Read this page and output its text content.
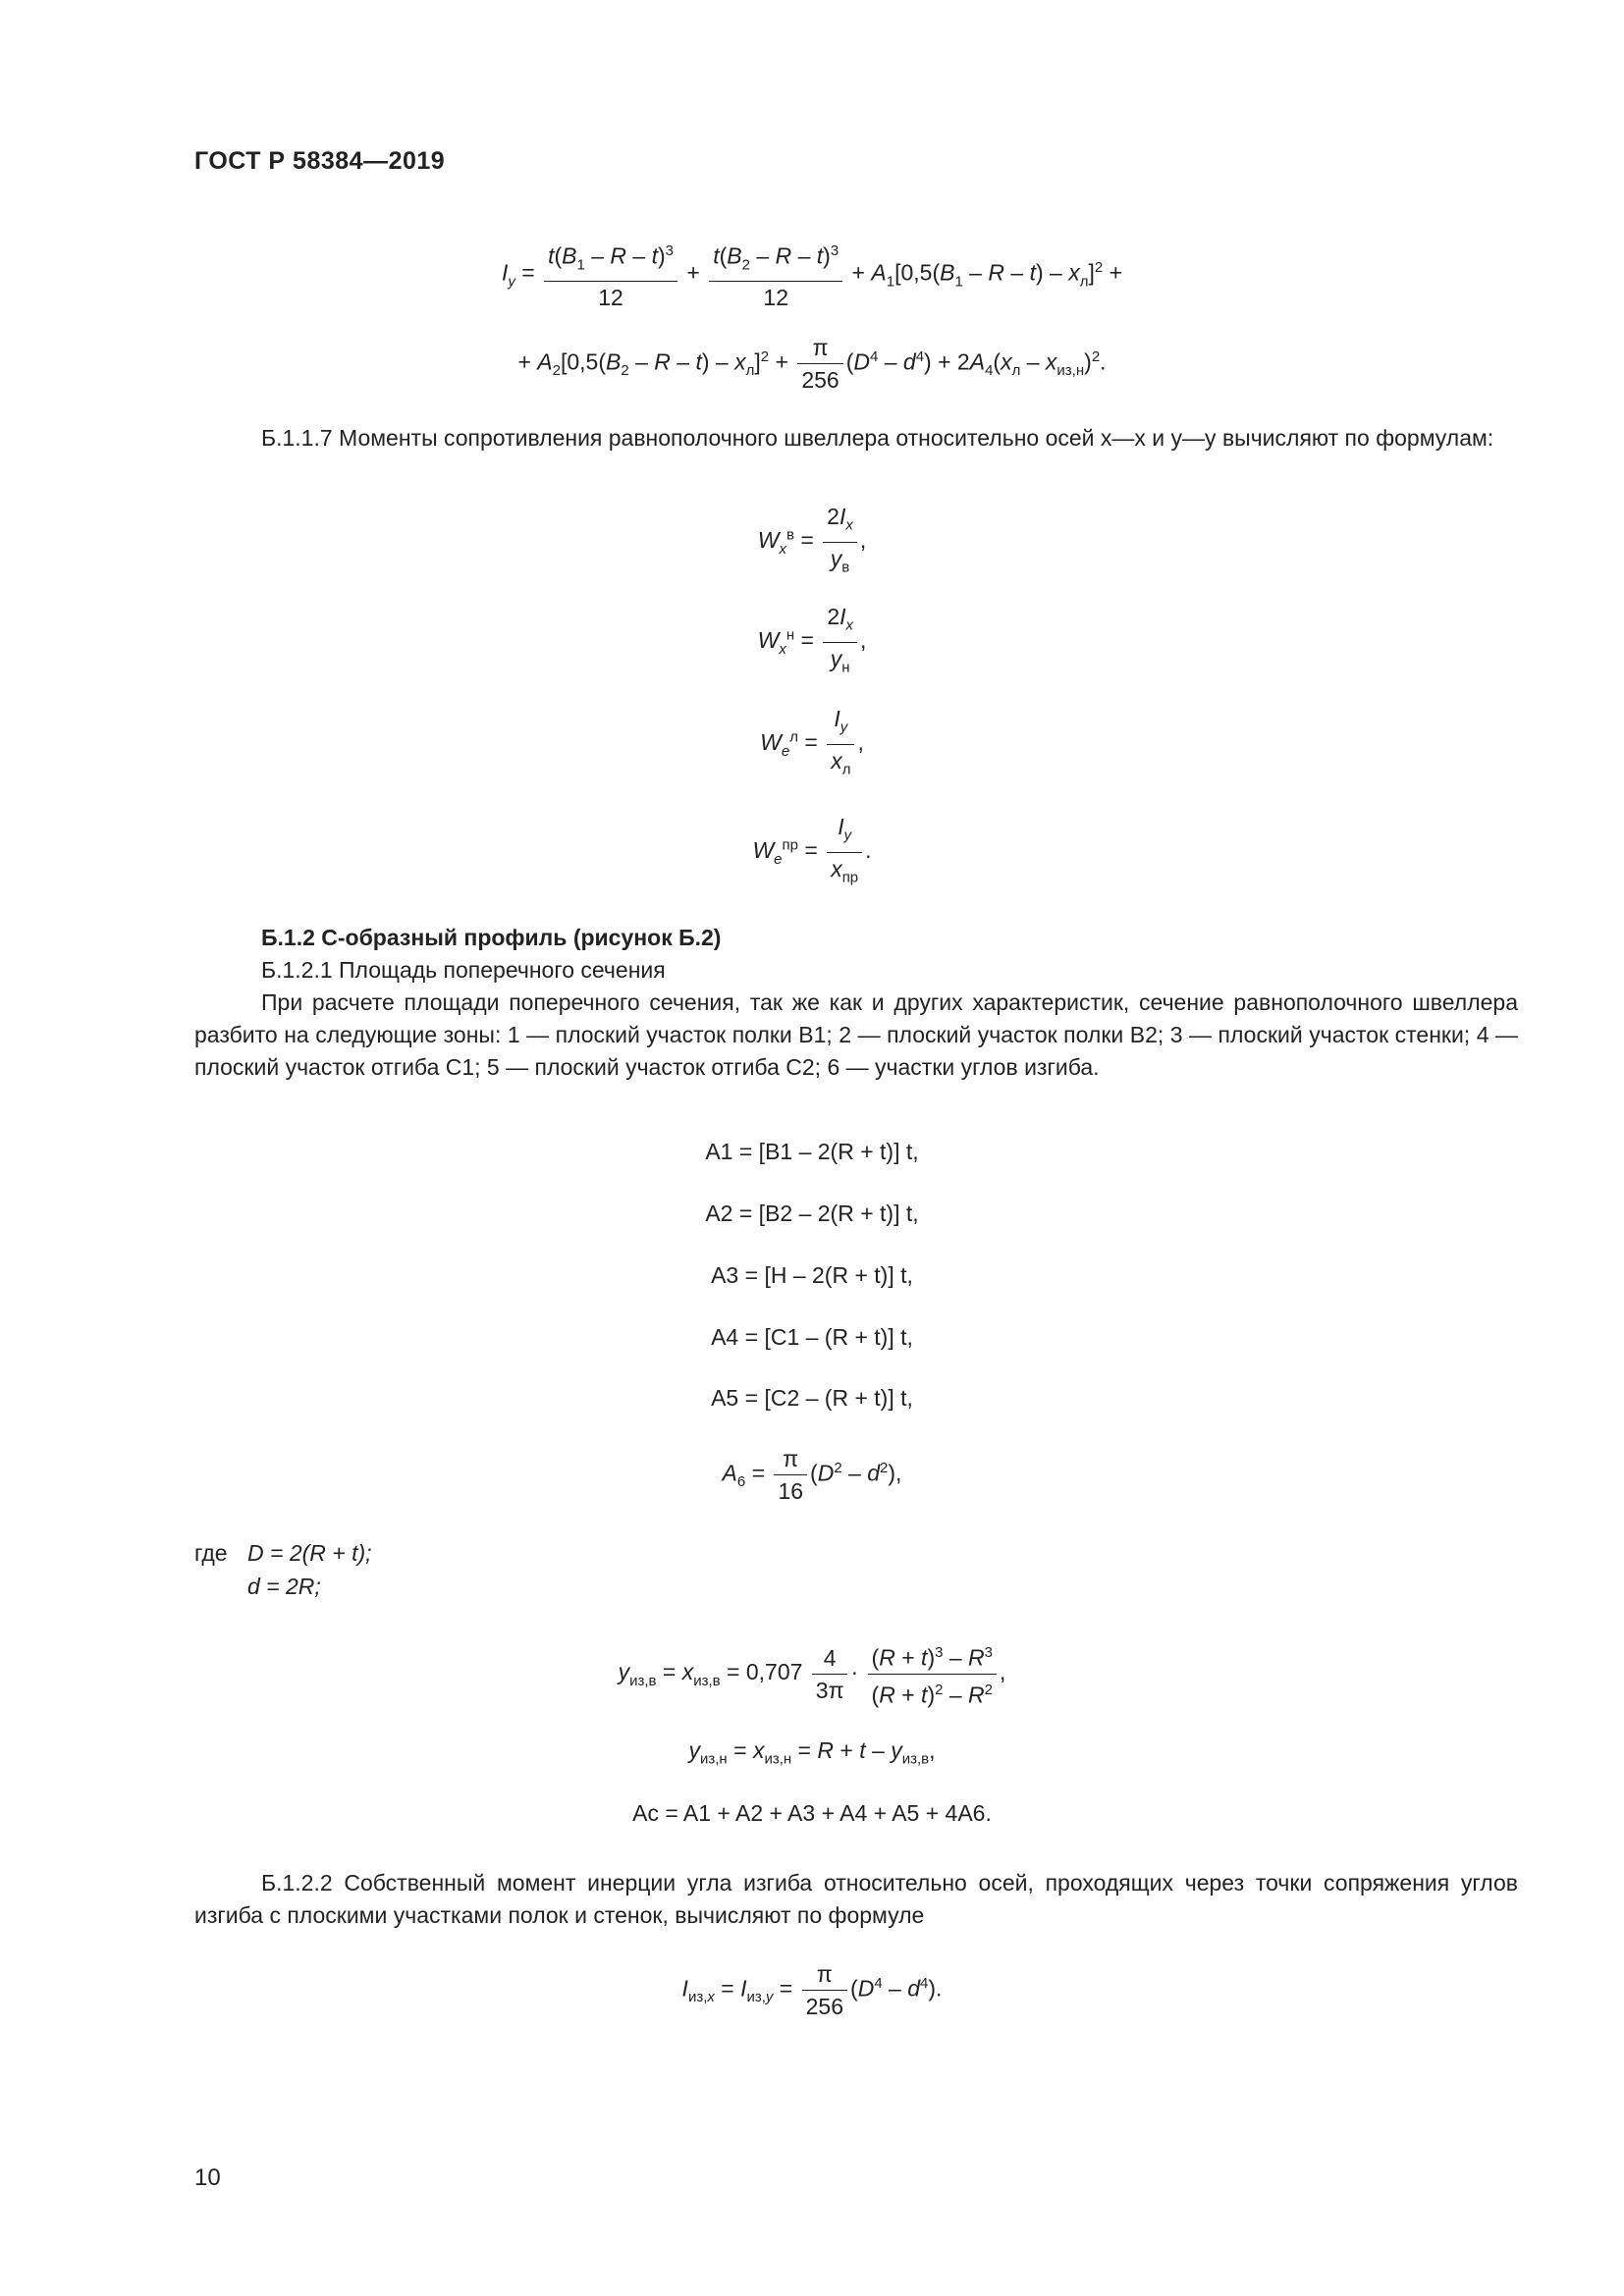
ГОСТ Р 58384—2019
$I_y = \frac{t(B_1 - R - t)^3}{12} + \frac{t(B_2 - R - t)^3}{12} + A_1[0,5(B_1 - R - t) - x_л]^2$ +
+ $A_2[0,5(B_2 - R - t) - x_л]^2 + \frac{\pi}{256} (D^4 - d^4) + 2A_4(x_л - x_{из,н})^2$.
Б.1.1.7 Моменты сопротивления равнополочного швеллера относительно осей x—x и y—y вычисляют по формулам:
$W_x^в = \frac{2I_x}{y_в}$ ,
$W_x^н = \frac{2I_x}{y_н}$ ,
$W_e^л = \frac{I_y}{x_л}$ ,
$W_e^{пр} = \frac{I_y}{x_{пр}}$ .
Б.1.2 С-образный профиль (рисунок Б.2)
Б.1.2.1 Площадь поперечного сечения
При расчете площади поперечного сечения, так же как и других характеристик, сечение равнополочного швеллера разбито на следующие зоны: 1 — плоский участок полки B1; 2 — плоский участок полки B2; 3 — плоский участок стенки; 4 — плоский участок отгиба C1; 5 — плоский участок отгиба C2; 6 — участки углов изгиба.
A1 = [B1 – 2(R + t)] t,
A2 = [B2 – 2(R + t)] t,
A3 = [H – 2(R + t)] t,
A4 = [C1 – (R + t)] t,
A5 = [C2 – (R + t)] t,
$A_6 = \frac{\pi}{16} (D^2 - d^2)$,
где D = 2(R + t);
d = 2R;
$y_{из,в} = x_{из,в} = 0,707 \frac{4}{3\pi} \cdot \frac{(R + t)^3 - R^3}{(R + t)^2 - R^2}$ ,
$y_{из,н} = x_{из,н} = R + t - y_{из,в}$,
Ac = A1 + A2 + A3 + A4 + A5 + 4A6.
Б.1.2.2 Собственный момент инерции угла изгиба относительно осей, проходящих через точки сопряжения углов изгиба с плоскими участками полок и стенок, вычисляют по формуле
$I_{из,x} = I_{из,y} = \frac{\pi}{256} (D^4 - d^4)$.
10
